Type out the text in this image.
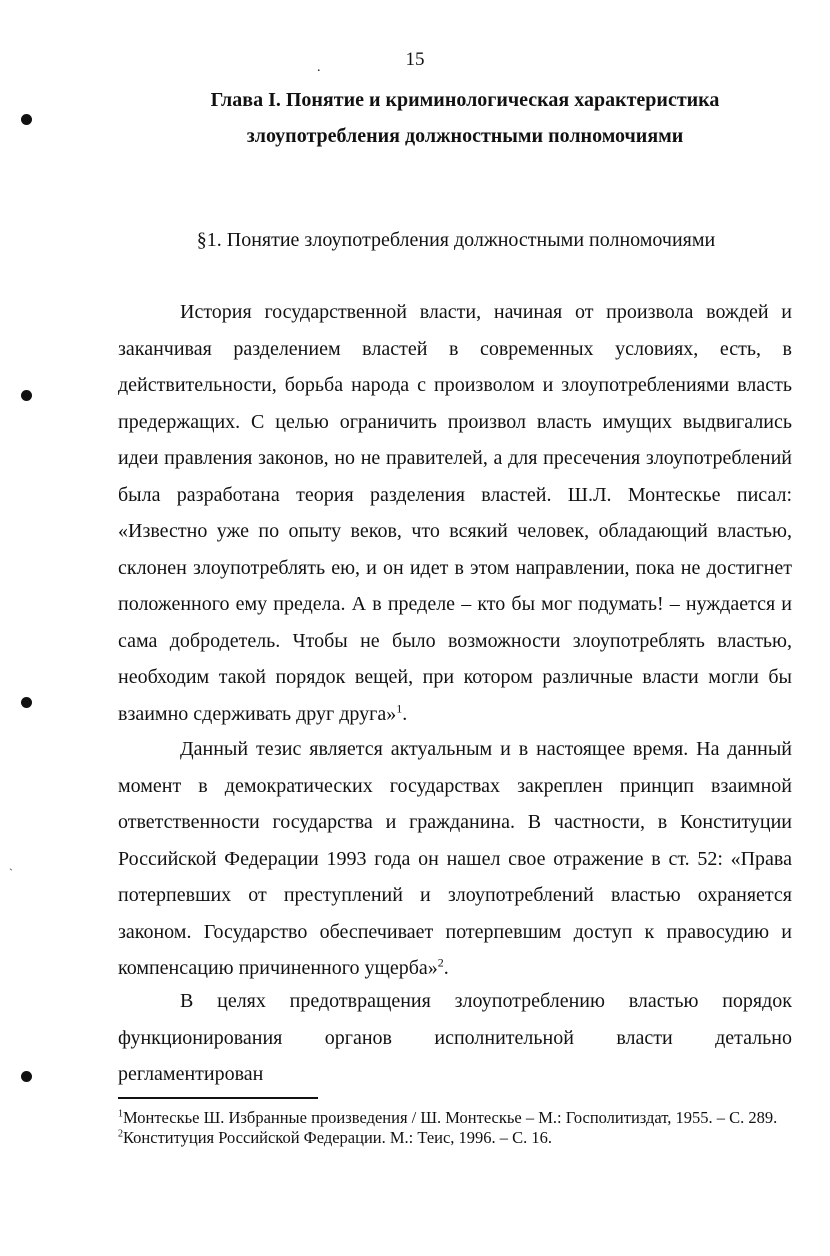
15
.
Глава I. Понятие и криминологическая характеристика
злоупотребления должностными полномочиями
§1. Понятие злоупотребления должностными полномочиями

История государственной власти, начиная от произвола вождей и заканчивая разделением властей в современных условиях, есть, в действительности, борьба народа с произволом и злоупотреблениями власть предержащих. С целью ограничить произвол власть имущих выдвигались идеи правления законов, но не правителей, а для пресечения злоупотреблений была разработана теория разделения властей. Ш.Л. Монтескье писал: «Известно уже по опыту веков, что всякий человек, обладающий властью, склонен злоупотреблять ею, и он идет в этом направлении, пока не достигнет положенного ему предела. А в пределе – кто бы мог подумать! – нуждается и сама добродетель. Чтобы не было возможности злоупотреблять властью, необходим такой порядок вещей, при котором различные власти могли бы взаимно сдерживать друг друга»$^1$.

Данный тезис является актуальным и в настоящее время. На данный момент в демократических государствах закреплен принцип взаимной ответственности государства и гражданина. В частности, в Конституции Российской Федерации 1993 года он нашел свое отражение в ст. 52: «Права потерпевших от преступлений и злоупотреблений властью охраняется законом. Государство обеспечивает потерпевшим доступ к правосудию и компенсацию причиненного ущерба»$^2$.

В целях предотвращения злоупотреблению властью порядок функционирования органов исполнительной власти детально регламентирован

$^1$Монтескье Ш. Избранные произведения / Ш. Монтескье – М.: Госполитиздат, 1955. – С. 289.

$^2$Конституция Российской Федерации. М.: Теис, 1996. – С. 16.

`
